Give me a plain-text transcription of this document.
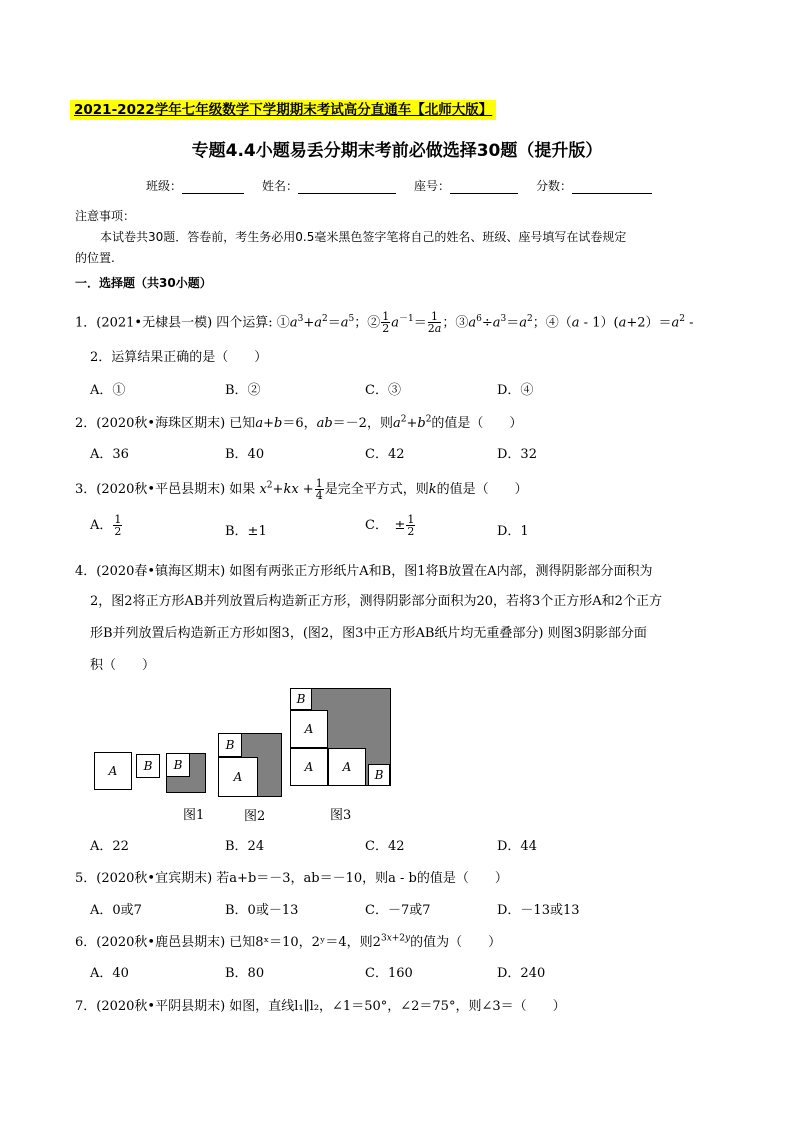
2021-2022学年七年级数学下学期期末考试高分直通车【北师大版】
专题4.4小题易丢分期末考前必做选择30题（提升版）
班级：	姓名：	座号：	分数：
注意事项：
本试卷共30题．答卷前，考生务必用0.5毫米黑色签字笔将自己的姓名、班级、座号填写在试卷规定
的位置.
一．选择题（共30小题）
1．(2021•无棣县一模) 四个运算: $①a^3+a^2=a^5$；② $\frac{1}{2} a^{-1}= \frac{1}{2a}$ ；$③a^6\div a^3=a^2$；④（a - $1)(a+2)=a^2$ -
2．运算结果正确的是（　　）
A．①	B．②	C．③	D．④
2．(2020秋•海珠区期末) 已知a+b＝6，ab＝－2，则$a^2+b^2$的值是（　　）
A．36	B．40	C．42	D．32
3．(2020秋•平邑县期末) 如果 $x^2+kx + \frac{1}{4}$ 是完全平方式，则k的值是（　　）
A． $\frac{1}{2}$	B．±1	C．　± $\frac{1}{2}$	D．1
4．(2020春•镇海区期末) 如图有两张正方形纸片A和B，图1将B放置在A内部，测得阴影部分面积为
2，图2将正方形AB并列放置后构造新正方形，测得阴影部分面积为20，若将3个正方形A和2个正方
形B并列放置后构造新正方形如图3，(图2，图3中正方形AB纸片均无重叠部分) 则图3阴影部分面
积（　　）
A	B	B
图1
B
A
图2
B
A
A	A
B
图3
A．22	B．24	C．42	D．44
5．(2020秋•宜宾期末) 若a+b＝－3，ab＝－10，则a - b的值是（　　）
A．0或7	B．0或－13	C．－7或7	D．－13或13
6．(2020秋•鹿邑县期末) 已知8ˣ＝10，2ʸ＝4，则$2^{3x+2y}$的值为（　　）
A．40	B．80	C．160	D．240
7．(2020秋•平阴县期末) 如图，直线l₁∥l₂，∠1＝50°，∠2＝75°，则∠3＝（　　）
